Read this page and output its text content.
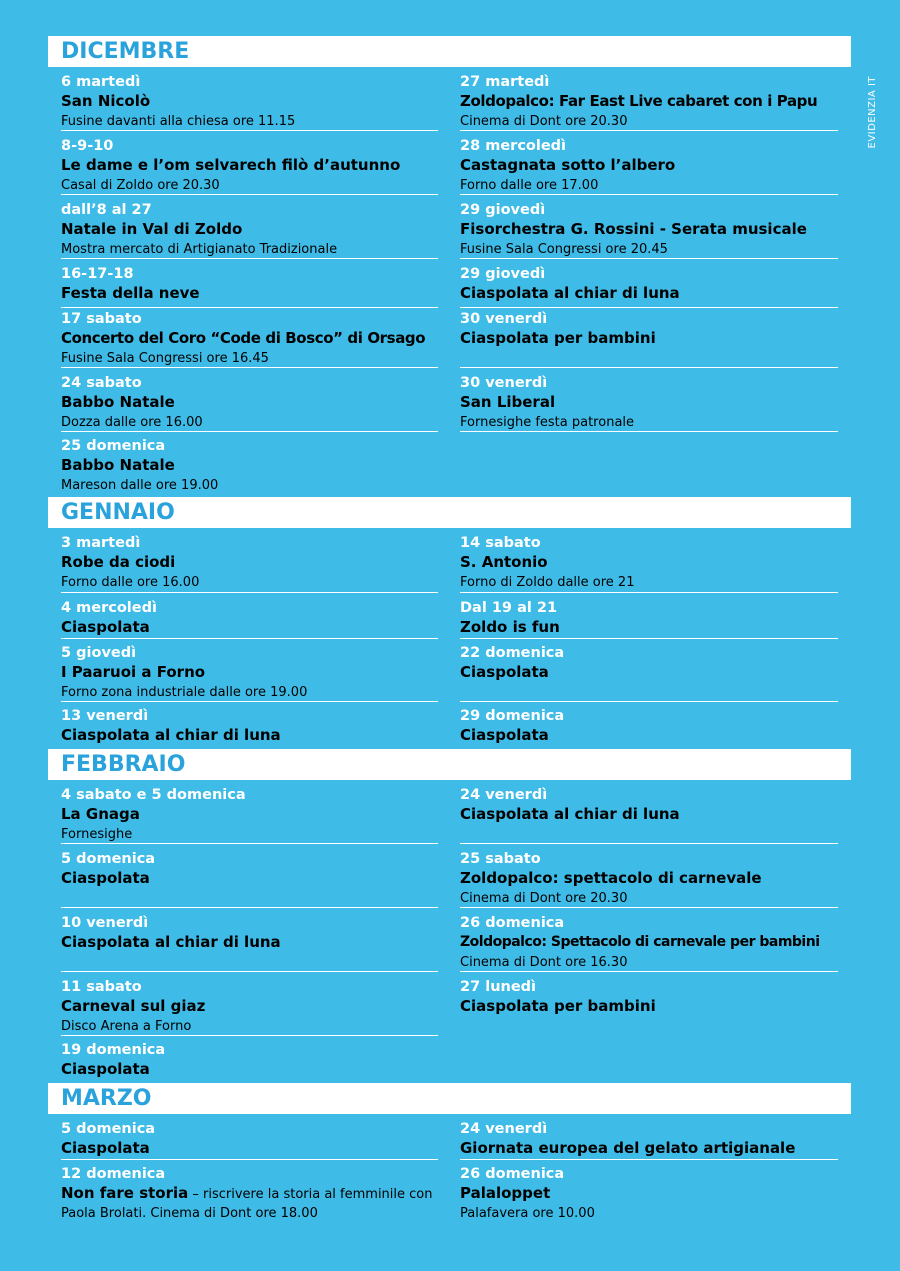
EVIDENZIA IT
DICEMBRE
6 martedì
San Nicolò
Fusine davanti alla chiesa ore 11.15
8-9-10
Le dame e l’om selvarech filò d’autunno
Casal di Zoldo ore 20.30
dall’8 al 27
Natale in Val di Zoldo
Mostra mercato di Artigianato Tradizionale
16-17-18
Festa della neve
17 sabato
Concerto del Coro “Code di Bosco” di Orsago
Fusine Sala Congressi ore 16.45
24 sabato
Babbo Natale
Dozza dalle ore 16.00
25 domenica
Babbo Natale
Mareson dalle ore 19.00
27 martedì
Zoldopalco: Far East Live cabaret con i Papu
Cinema di Dont ore 20.30
28 mercoledì
Castagnata sotto l’albero
Forno dalle ore 17.00
29 giovedì
Fisorchestra G. Rossini - Serata musicale
Fusine Sala Congressi ore 20.45
29 giovedì
Ciaspolata al chiar di luna
30 venerdì
Ciaspolata per bambini
30 venerdì
San Liberal
Fornesighe festa patronale
GENNAIO
3 martedì
Robe da ciodi
Forno dalle ore 16.00
4 mercoledì
Ciaspolata
5 giovedì
I Paaruoi a Forno
Forno zona industriale dalle ore 19.00
13 venerdì
Ciaspolata al chiar di luna
14 sabato
S. Antonio
Forno di Zoldo dalle ore 21
Dal 19 al 21
Zoldo is fun
22 domenica
Ciaspolata
29 domenica
Ciaspolata
FEBBRAIO
4 sabato e 5 domenica
La Gnaga
Fornesighe
5 domenica
Ciaspolata
10 venerdì
Ciaspolata al chiar di luna
11 sabato
Carneval sul giaz
Disco Arena a Forno
19 domenica
Ciaspolata
24 venerdì
Ciaspolata al chiar di luna
25 sabato
Zoldopalco: spettacolo di carnevale
Cinema di Dont ore 20.30
26 domenica
Zoldopalco: Spettacolo di carnevale per bambini
Cinema di Dont ore 16.30
27 lunedì
Ciaspolata per bambini
MARZO
5 domenica
Ciaspolata
12 domenica
Non fare storia – riscrivere la storia al femminile con
Paola Brolati. Cinema di Dont ore 18.00
24 venerdì
Giornata europea del gelato artigianale
26 domenica
Palaloppet
Palafavera ore 10.00
